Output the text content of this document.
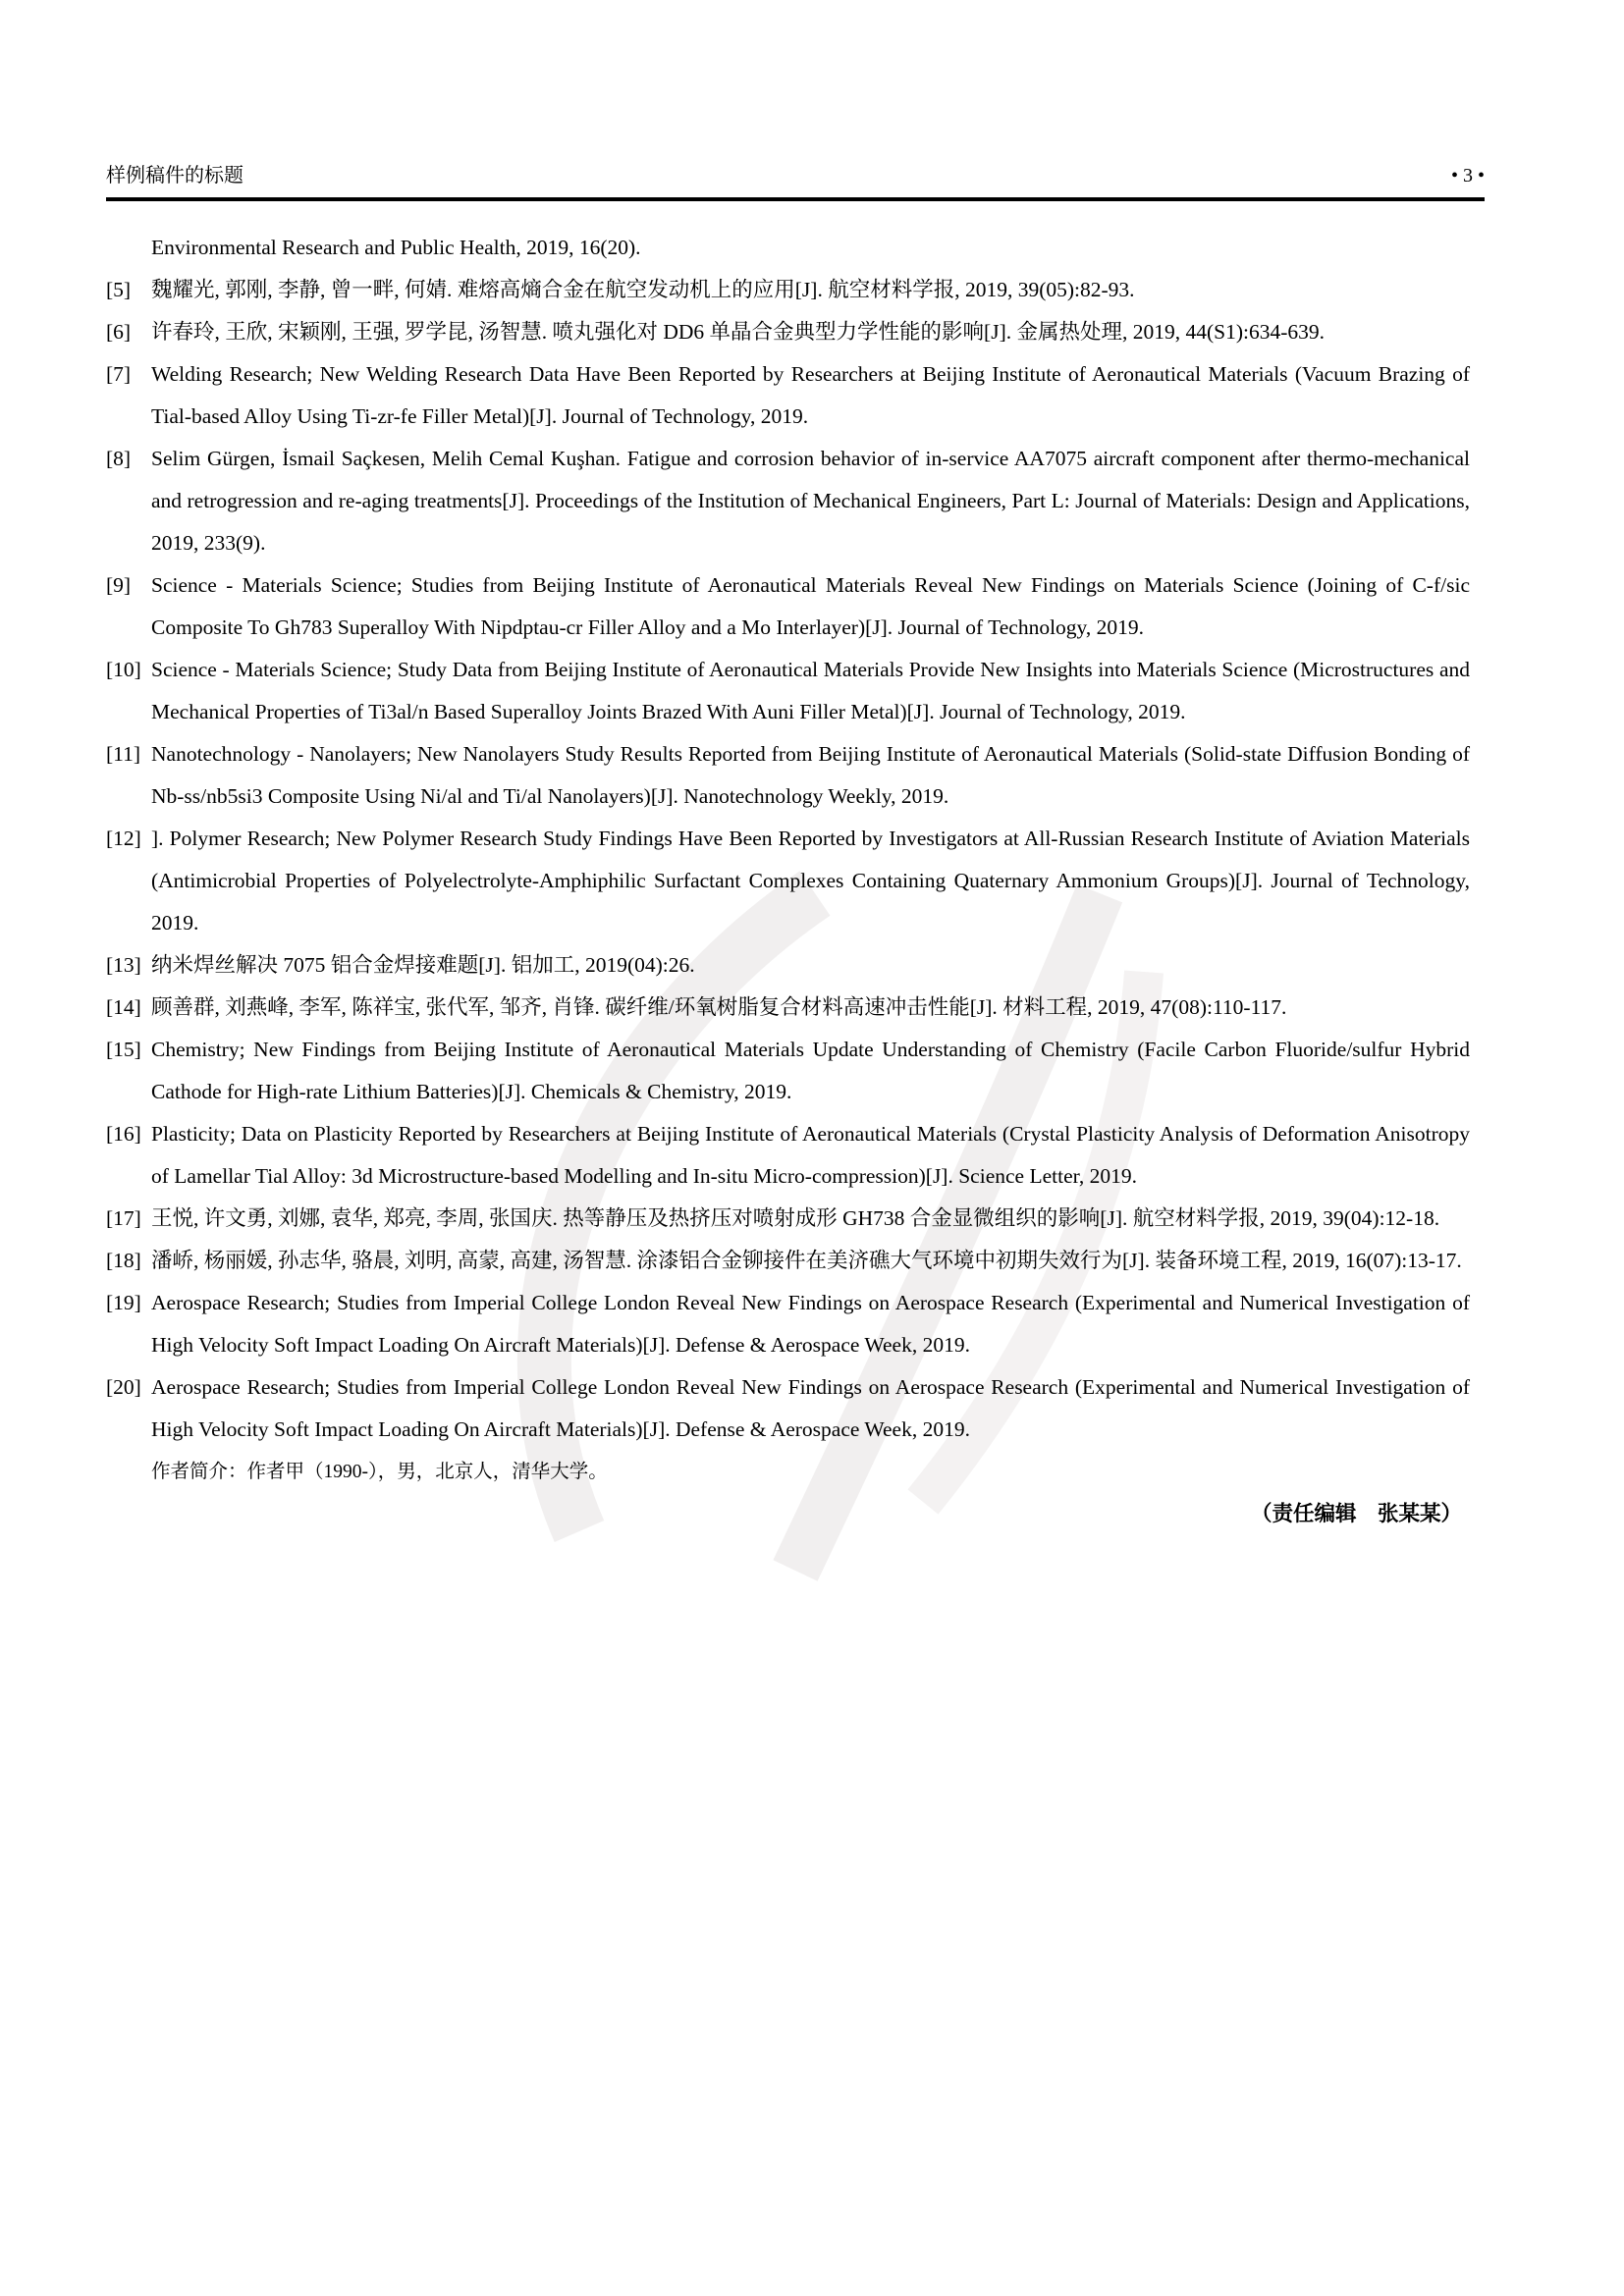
样例稿件的标题	• 3 •
Environmental Research and Public Health, 2019, 16(20).
[5] 魏耀光, 郭刚, 李静, 曾一畔, 何婧. 难熔高熵合金在航空发动机上的应用[J]. 航空材料学报, 2019, 39(05):82-93.
[6] 许春玲, 王欣, 宋颖刚, 王强, 罗学昆, 汤智慧. 喷丸强化对 DD6 单晶合金典型力学性能的影响[J]. 金属热处理, 2019, 44(S1):634-639.
[7] Welding Research; New Welding Research Data Have Been Reported by Researchers at Beijing Institute of Aeronautical Materials (Vacuum Brazing of Tial-based Alloy Using Ti-zr-fe Filler Metal)[J]. Journal of Technology, 2019.
[8] Selim Gürgen, İsmail Saçkesen, Melih Cemal Kuşhan. Fatigue and corrosion behavior of in-service AA7075 aircraft component after thermo-mechanical and retrogression and re-aging treatments[J]. Proceedings of the Institution of Mechanical Engineers, Part L: Journal of Materials: Design and Applications, 2019, 233(9).
[9] Science - Materials Science; Studies from Beijing Institute of Aeronautical Materials Reveal New Findings on Materials Science (Joining of C-f/sic Composite To Gh783 Superalloy With Nipdptau-cr Filler Alloy and a Mo Interlayer)[J]. Journal of Technology, 2019.
[10] Science - Materials Science; Study Data from Beijing Institute of Aeronautical Materials Provide New Insights into Materials Science (Microstructures and Mechanical Properties of Ti3al/n Based Superalloy Joints Brazed With Auni Filler Metal)[J]. Journal of Technology, 2019.
[11] Nanotechnology - Nanolayers; New Nanolayers Study Results Reported from Beijing Institute of Aeronautical Materials (Solid-state Diffusion Bonding of Nb-ss/nb5si3 Composite Using Ni/al and Ti/al Nanolayers)[J]. Nanotechnology Weekly, 2019.
[12] ]. Polymer Research; New Polymer Research Study Findings Have Been Reported by Investigators at All-Russian Research Institute of Aviation Materials (Antimicrobial Properties of Polyelectrolyte-Amphiphilic Surfactant Complexes Containing Quaternary Ammonium Groups)[J]. Journal of Technology, 2019.
[13] 纳米焊丝解决 7075 铝合金焊接难题[J]. 铝加工, 2019(04):26.
[14] 顾善群, 刘燕峰, 李军, 陈祥宝, 张代军, 邹齐, 肖锋. 碳纤维/环氧树脂复合材料高速冲击性能[J]. 材料工程, 2019, 47(08):110-117.
[15] Chemistry; New Findings from Beijing Institute of Aeronautical Materials Update Understanding of Chemistry (Facile Carbon Fluoride/sulfur Hybrid Cathode for High-rate Lithium Batteries)[J]. Chemicals & Chemistry, 2019.
[16] Plasticity; Data on Plasticity Reported by Researchers at Beijing Institute of Aeronautical Materials (Crystal Plasticity Analysis of Deformation Anisotropy of Lamellar Tial Alloy: 3d Microstructure-based Modelling and In-situ Micro-compression)[J]. Science Letter, 2019.
[17] 王悦, 许文勇, 刘娜, 袁华, 郑亮, 李周, 张国庆. 热等静压及热挤压对喷射成形 GH738 合金显微组织的影响[J]. 航空材料学报, 2019, 39(04):12-18.
[18] 潘峤, 杨丽媛, 孙志华, 骆晨, 刘明, 高蒙, 高建, 汤智慧. 涂漆铝合金铆接件在美济礁大气环境中初期失效行为[J]. 装备环境工程, 2019, 16(07):13-17.
[19] Aerospace Research; Studies from Imperial College London Reveal New Findings on Aerospace Research (Experimental and Numerical Investigation of High Velocity Soft Impact Loading On Aircraft Materials)[J]. Defense & Aerospace Week, 2019.
[20] Aerospace Research; Studies from Imperial College London Reveal New Findings on Aerospace Research (Experimental and Numerical Investigation of High Velocity Soft Impact Loading On Aircraft Materials)[J]. Defense & Aerospace Week, 2019.
作者简介：作者甲（1990-），男，北京人，清华大学。
（责任编辑　张某某）
